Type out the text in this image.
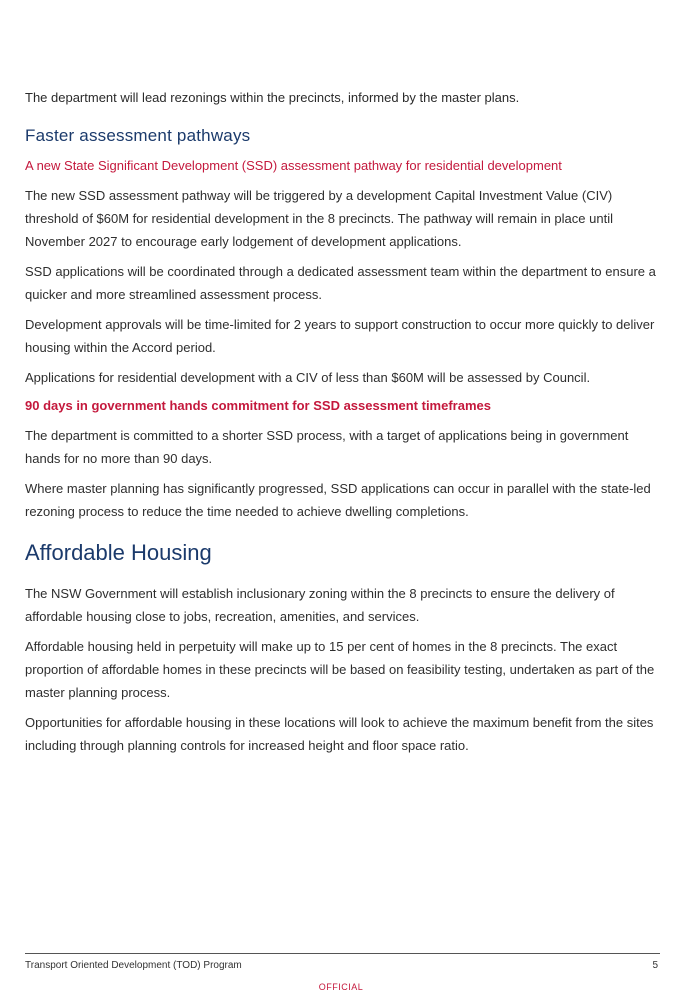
The department will lead rezonings within the precincts, informed by the master plans.

Faster assessment pathways
A new State Significant Development (SSD) assessment pathway for residential development

The new SSD assessment pathway will be triggered by a development Capital Investment Value (CIV) threshold of $60M for residential development in the 8 precincts. The pathway will remain in place until November 2027 to encourage early lodgement of development applications.

SSD applications will be coordinated through a dedicated assessment team within the department to ensure a quicker and more streamlined assessment process.

Development approvals will be time-limited for 2 years to support construction to occur more quickly to deliver housing within the Accord period.

Applications for residential development with a CIV of less than $60M will be assessed by Council.

90 days in government hands commitment for SSD assessment timeframes

The department is committed to a shorter SSD process, with a target of applications being in government hands for no more than 90 days.

Where master planning has significantly progressed, SSD applications can occur in parallel with the state-led rezoning process to reduce the time needed to achieve dwelling completions.

Affordable Housing

The NSW Government will establish inclusionary zoning within the 8 precincts to ensure the delivery of affordable housing close to jobs, recreation, amenities, and services.

Affordable housing held in perpetuity will make up to 15 per cent of homes in the 8 precincts. The exact proportion of affordable homes in these precincts will be based on feasibility testing, undertaken as part of the master planning process.

Opportunities for affordable housing in these locations will look to achieve the maximum benefit from the sites including through planning controls for increased height and floor space ratio.

Transport Oriented Development (TOD) Program	5
OFFICIAL
